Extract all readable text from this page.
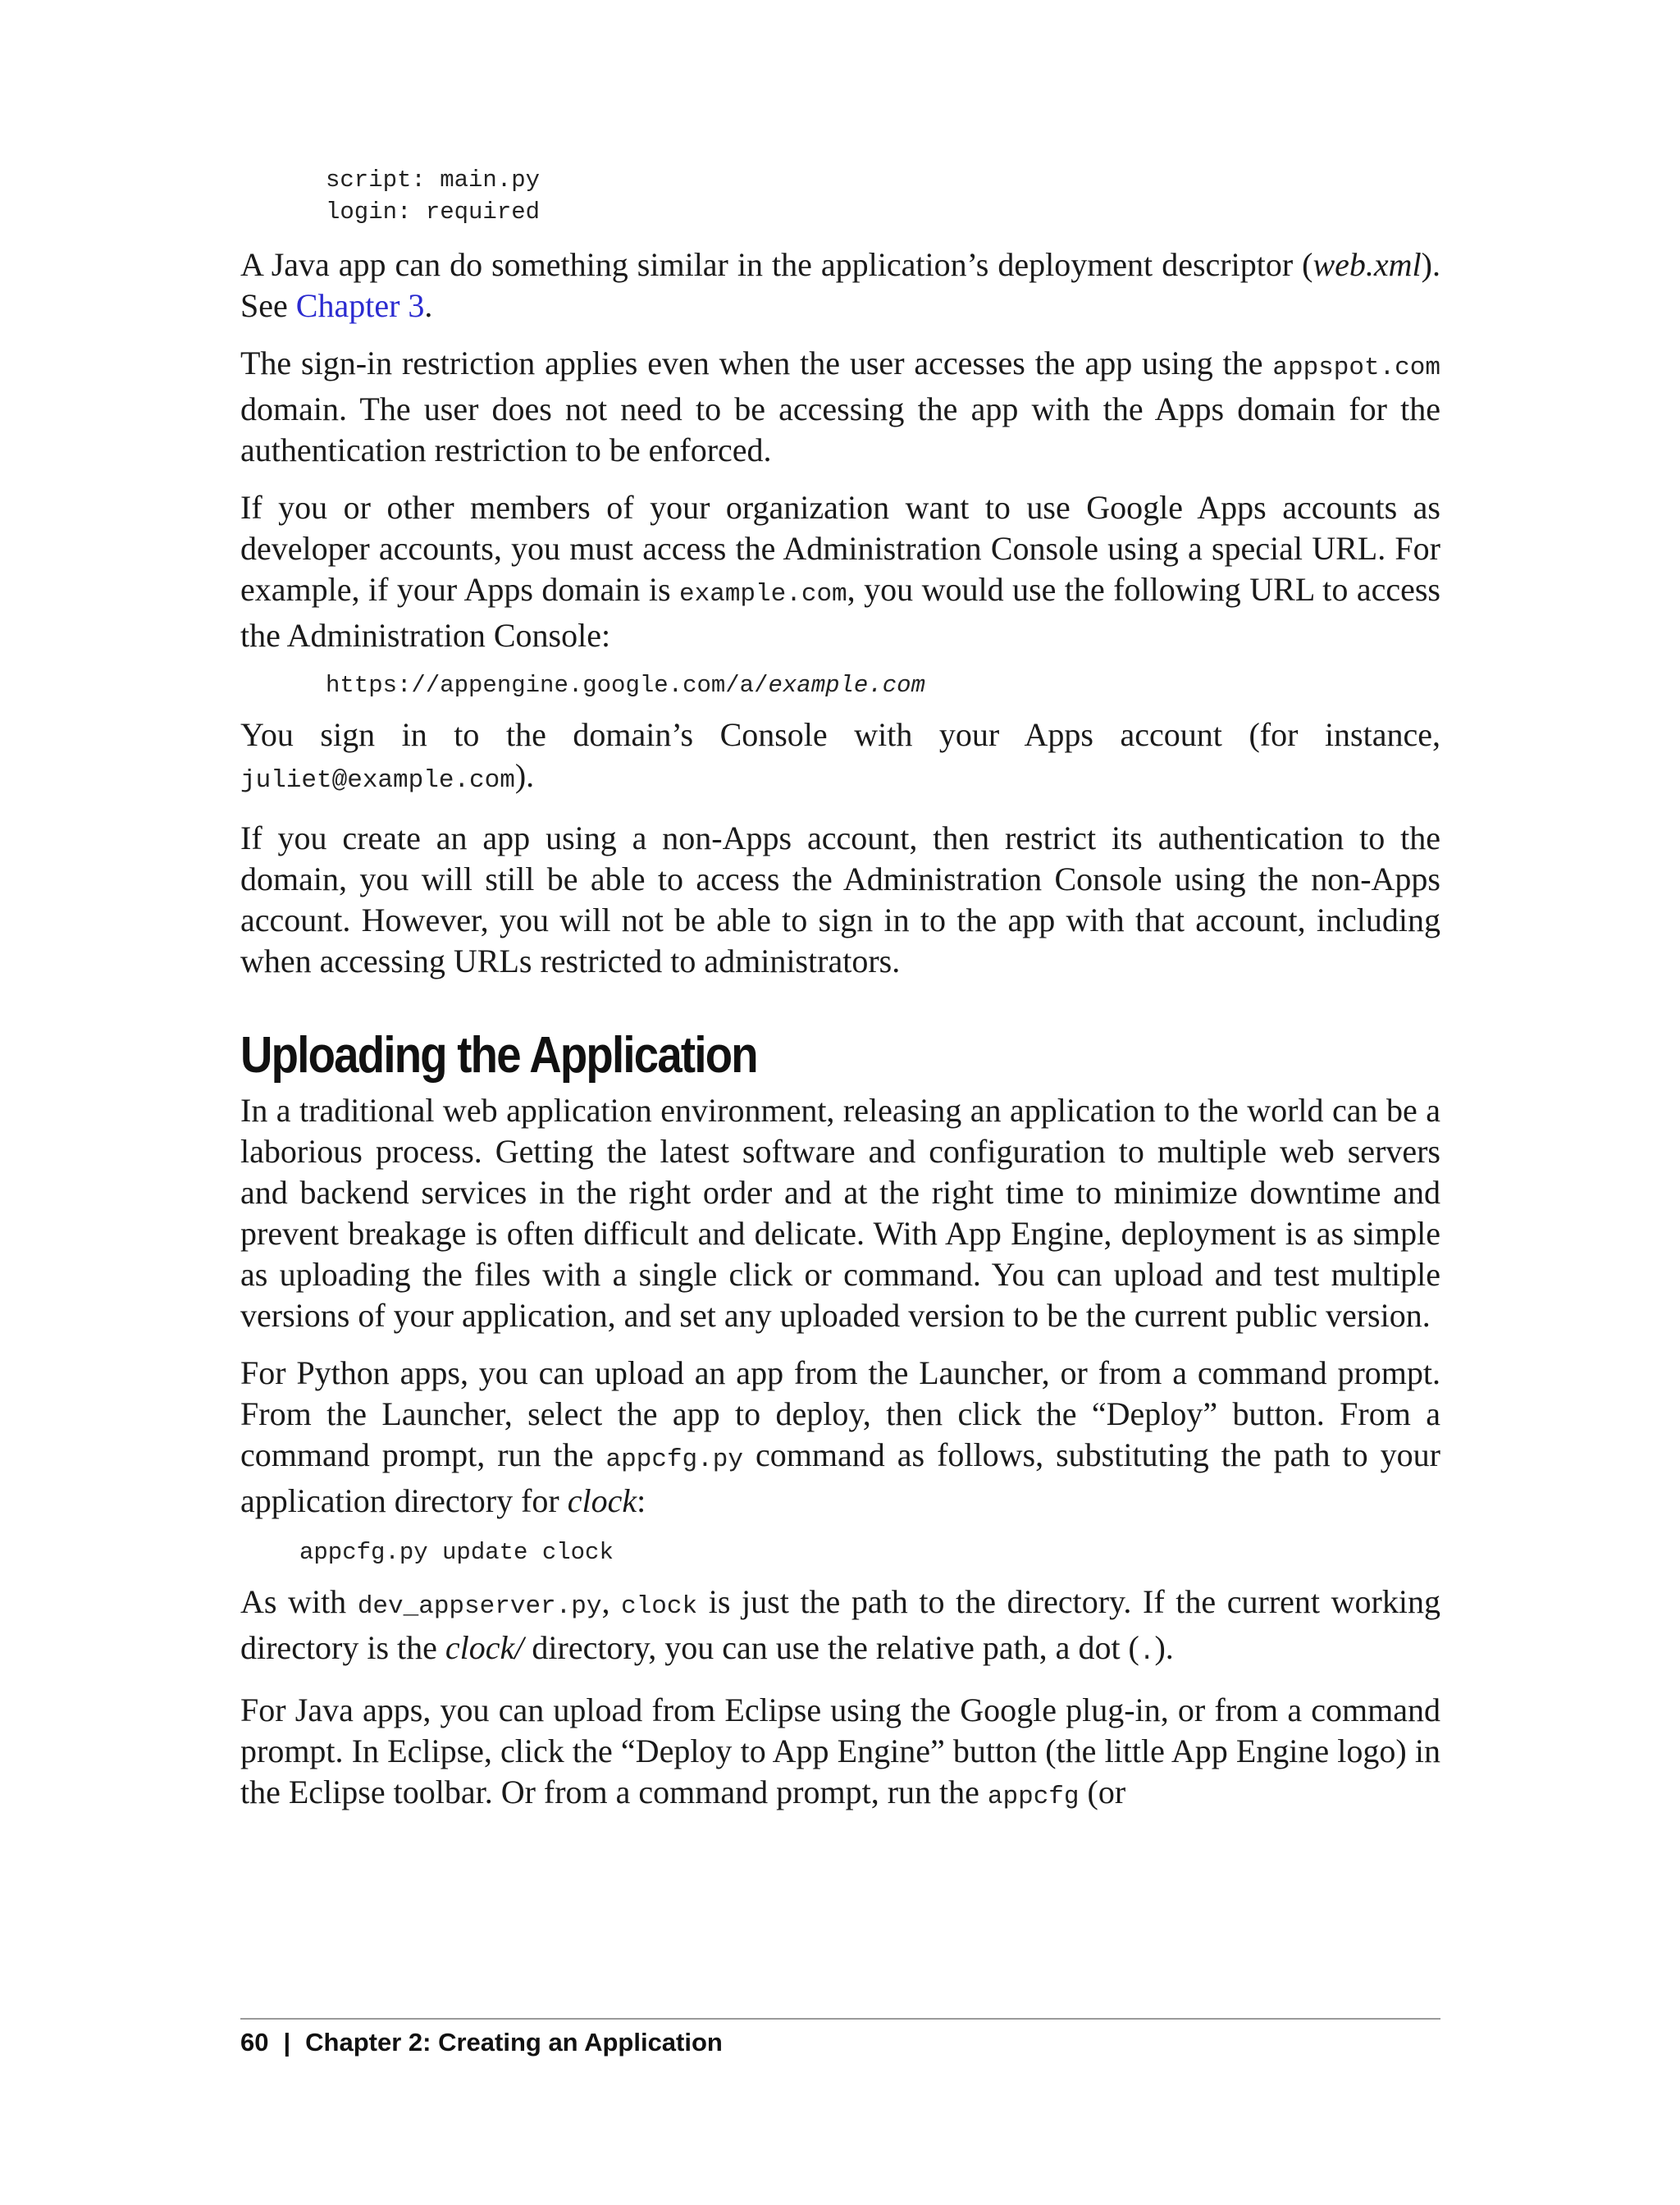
script: main.py
login: required

A Java app can do something similar in the application’s deployment descriptor (web.xml). See Chapter 3.

The sign-in restriction applies even when the user accesses the app using the appspot.com domain. The user does not need to be accessing the app with the Apps domain for the authentication restriction to be enforced.

If you or other members of your organization want to use Google Apps accounts as developer accounts, you must access the Administration Console using a special URL. For example, if your Apps domain is example.com, you would use the following URL to access the Administration Console:

https://appengine.google.com/a/example.com

You sign in to the domain’s Console with your Apps account (for instance, juliet@example.com).

If you create an app using a non-Apps account, then restrict its authentication to the domain, you will still be able to access the Administration Console using the non-Apps account. However, you will not be able to sign in to the app with that account, including when accessing URLs restricted to administrators.

Uploading the Application

In a traditional web application environment, releasing an application to the world can be a laborious process. Getting the latest software and configuration to multiple web servers and backend services in the right order and at the right time to minimize downtime and prevent breakage is often difficult and delicate. With App Engine, deployment is as simple as uploading the files with a single click or command. You can upload and test multiple versions of your application, and set any uploaded version to be the current public version.

For Python apps, you can upload an app from the Launcher, or from a command prompt. From the Launcher, select the app to deploy, then click the “Deploy” button. From a command prompt, run the appcfg.py command as follows, substituting the path to your application directory for clock:

appcfg.py update clock

As with dev_appserver.py, clock is just the path to the directory. If the current working directory is the clock/ directory, you can use the relative path, a dot (.).

For Java apps, you can upload from Eclipse using the Google plug-in, or from a command prompt. In Eclipse, click the “Deploy to App Engine” button (the little App Engine logo) in the Eclipse toolbar. Or from a command prompt, run the appcfg (or

60 | Chapter 2: Creating an Application
